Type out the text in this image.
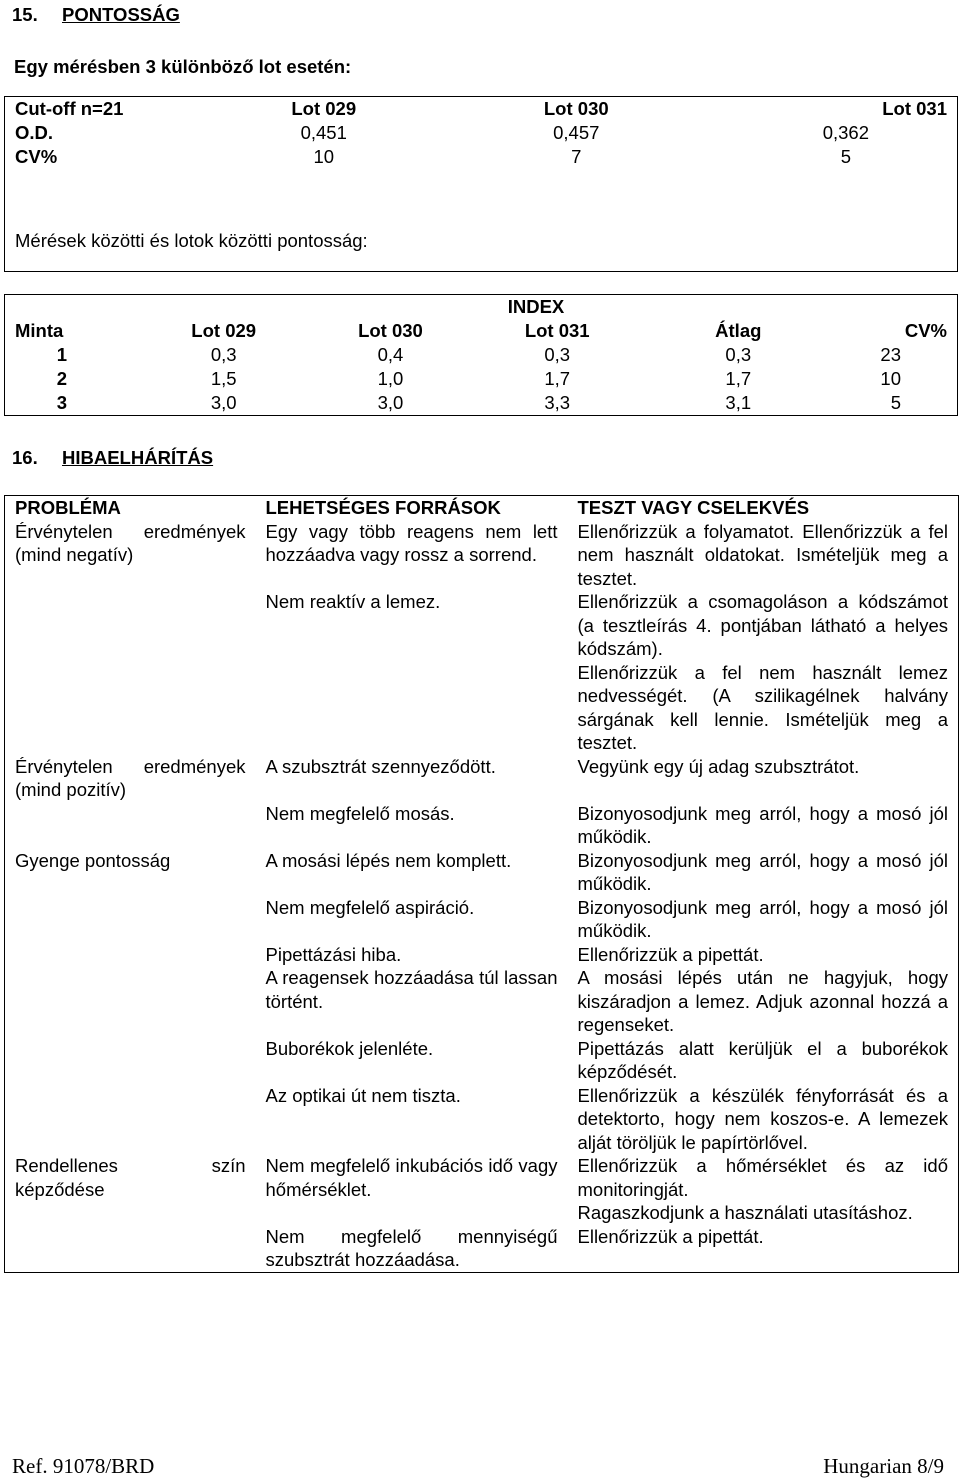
15. PONTOSSÁG
Egy mérésben 3 különböző lot esetén:
Cut-off n=21	Lot 029	Lot 030	Lot 031
O.D.	0,451	0,457	0,362
CV%	10	7	5

Mérések közötti és lotok közötti pontosság:			

INDEX					
Minta	Lot 029	Lot 030	Lot 031	Átlag	CV%
1	0,3	0,4	0,3	0,3	23
2	1,5	1,0	1,7	1,7	10
3	3,0	3,0	3,3	3,1	5
16. HIBAELHÁRÍTÁS
PROBLÉMA	LEHETSÉGES FORRÁSOK	TESZT VAGY CSELEKVÉS
Érvénytelen eredmények (mind negatív)	Egy vagy több reagens nem lett hozzáadva vagy rossz a sorrend.	Ellenőrizzük a folyamatot. Ellenőrizzük a fel nem használt oldatokat. Ismételjük meg a tesztet.
	Nem reaktív a lemez.	Ellenőrizzük a csomagoláson a kódszámot (a tesztleírás 4. pontjában látható a helyes kódszám).
		Ellenőrizzük a fel nem használt lemez nedvességét. (A szilikagélnek halvány sárgának kell lennie. Ismételjük meg a tesztet.
Érvénytelen eredmények (mind pozitív)	A szubsztrát szennyeződött.	Vegyünk egy új adag szubsztrátot.
	Nem megfelelő mosás.	Bizonyosodjunk meg arról, hogy a mosó jól működik.
Gyenge pontosság	A mosási lépés nem komplett.	Bizonyosodjunk meg arról, hogy a mosó jól működik.
	Nem megfelelő aspiráció.	Bizonyosodjunk meg arról, hogy a mosó jól működik.
	Pipettázási hiba.	Ellenőrizzük a pipettát.
	A reagensek hozzáadása túl lassan történt.	A mosási lépés után ne hagyjuk, hogy kiszáradjon a lemez. Adjuk azonnal hozzá a regenseket.
	Buborékok jelenléte.	Pipettázás alatt kerüljük el a buborékok képződését.
	Az optikai út nem tiszta.	Ellenőrizzük a készülék fényforrását és a detektorto, hogy nem koszos-e. A lemezek alját töröljük le papírtörlővel.
Rendellenes szín képződése	Nem megfelelő inkubációs idő vagy hőmérséklet.	Ellenőrizzük a hőmérséklet és az idő monitoringját.
		Ragaszkodjunk a használati utasításhoz.
	Nem megfelelő mennyiségű szubsztrát hozzáadása.	Ellenőrizzük a pipettát.
Ref. 91078/BRD	Hungarian 8/9
